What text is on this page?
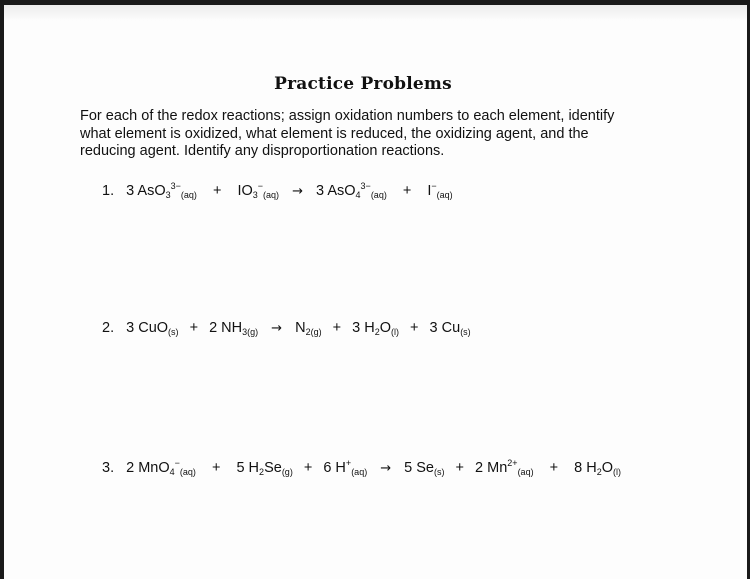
Practice Problems
For each of the redox reactions; assign oxidation numbers to each element, identify
what element is oxidized, what element is reduced, the oxidizing agent, and the
reducing agent. Identify any disproportionation reactions.
1. 3 $AsO_3^{3-}_{(aq)} + IO_3^-_{(aq)} \to 3$ $AsO_4^{3-}_{(aq)} + I^-_{(aq)}$
2. 3 CuO$_{(s)}$ + 2 $NH_{3(g)} \to N_{2(g)} + 3$ $H_2O_{(l)} + 3$ $Cu_{(s)}$
3. 2 MnO$_4$−$_{(aq)}$ + 5 $H_2Se_{(g)} + 6$ $H^+_{(aq)} \to 5$ $Se_{(s)} + 2$ $Mn^{2+}_{(aq)} + 8$ $H_2O_{(l)}$
